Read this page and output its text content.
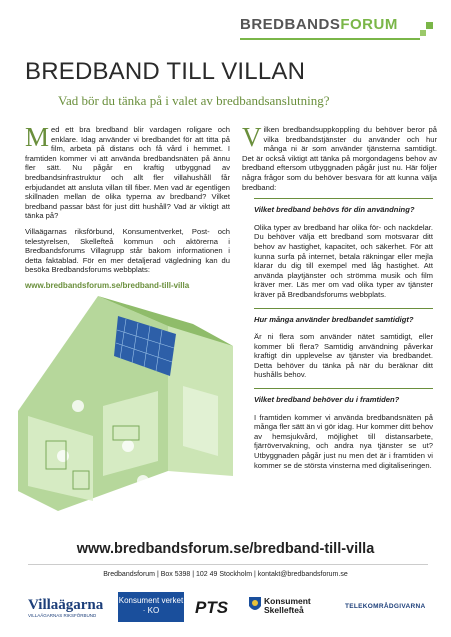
BREDBANDSFORUM
BREDBAND TILL VILLAN
Vad bör du tänka på i valet av bredbandsanslutning?
Med ett bra bredband blir vardagen roligare och enklare. Idag använder vi bredbandet för att titta på film, arbeta på distans och få vård i hemmet. I framtiden kommer vi att använda bredbandsnäten på ännu fler sätt. Nu pågår en kraftig utbyggnad av bredbandsinfrastruktur och allt fler villahushåll får erbjudandet att ansluta villan till fiber. Men vad är egentligen skillnaden mellan de olika typerna av bredband? Vilket bredband passar bäst för just ditt hushåll? Vad är viktigt att tänka på?
Villaägarnas riksförbund, Konsumentverket, Post- och telestyrelsen, Skellefteå kommun och aktörerna i Bredbandsforums Villagrupp står bakom informationen i detta faktablad. För en mer detaljerad vägledning kan du besöka Bredbandsforums webbplats:
www.bredbandsforum.se/bredband-till-villa
Vilken bredbandsuppkoppling du behöver beror på vilka bredbandstjänster du använder och hur många ni är som använder tjänsterna samtidigt. Det är också viktigt att tänka på morgondagens behov av bredband eftersom utbyggnaden pågår just nu. Här följer några frågor som du behöver besvara för att kunna välja bredband:
Vilket bredband behövs för din användning?

Olika typer av bredband har olika för- och nackdelar. Du behöver välja ett bredband som motsvarar ditt behov av hastighet, kapacitet, och säkerhet. För att kunna surfa på internet, betala räkningar eller mejla klarar du dig till exempel med låg hastighet. Att använda playtjänster och strömma musik och film kräver mer. Läs mer om vad olika typer av tjänster kräver på Bredbandsforums webbplats.

Hur många använder bredbandet samtidigt?

Är ni flera som använder nätet samtidigt, eller kommer bli flera? Samtidig användning påverkar kraftigt din upplevelse av tjänster via bredbandet. Detta behöver du tänka på när du beräknar ditt hushålls behov.

Vilket bredband behöver du i framtiden?

I framtiden kommer vi använda bredbandsnäten på många fler sätt än vi gör idag. Hur kommer ditt behov av hemsjukvård, möjlighet till distansarbete, fjärrövervakning, och andra nya tjänster se ut? Utbyggnaden pågår just nu men det är i framtiden vi kommer se de största vinsterna med digitaliseringen.

www.bredbandsforum.se/bredband-till-villa
Bredbandsforum | Box 5398 | 102 49 Stockholm | kontakt@bredbandsforum.se
Villaägarna
VILLAÄGARNAS RIKSFÖRBUND
Konsument verket · KO	PTS	Konsument
Skellefteå	TELEKOMRÅDGIVARNA
